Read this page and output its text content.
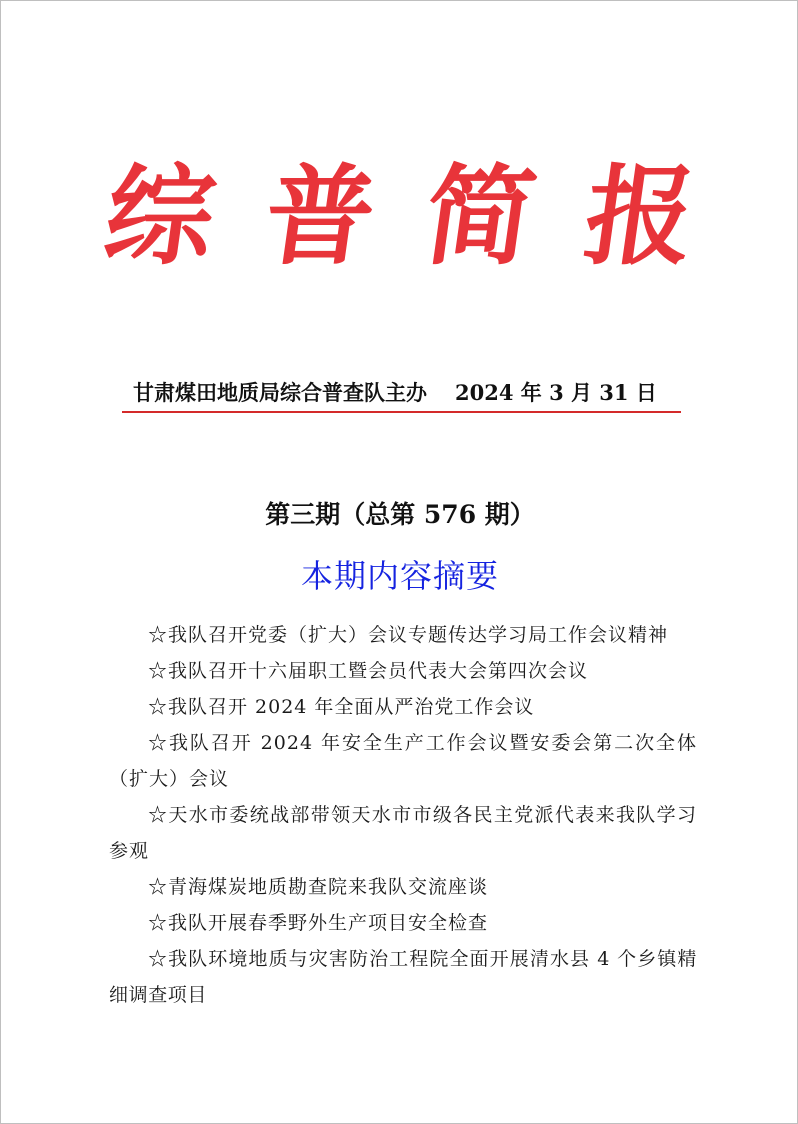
综 普 简 报
甘肃煤田地质局综合普查队主办 2024 年 3 月 31 日
第三期（总第 576 期）
本期内容摘要
☆我队召开党委（扩大）会议专题传达学习局工作会议精神
☆我队召开十六届职工暨会员代表大会第四次会议
☆我队召开 2024 年全面从严治党工作会议
☆我队召开 2024 年安全生产工作会议暨安委会第二次全体（扩大）会议
☆天水市委统战部带领天水市市级各民主党派代表来我队学习参观
☆青海煤炭地质勘查院来我队交流座谈
☆我队开展春季野外生产项目安全检查
☆我队环境地质与灾害防治工程院全面开展清水县 4 个乡镇精细调查项目
